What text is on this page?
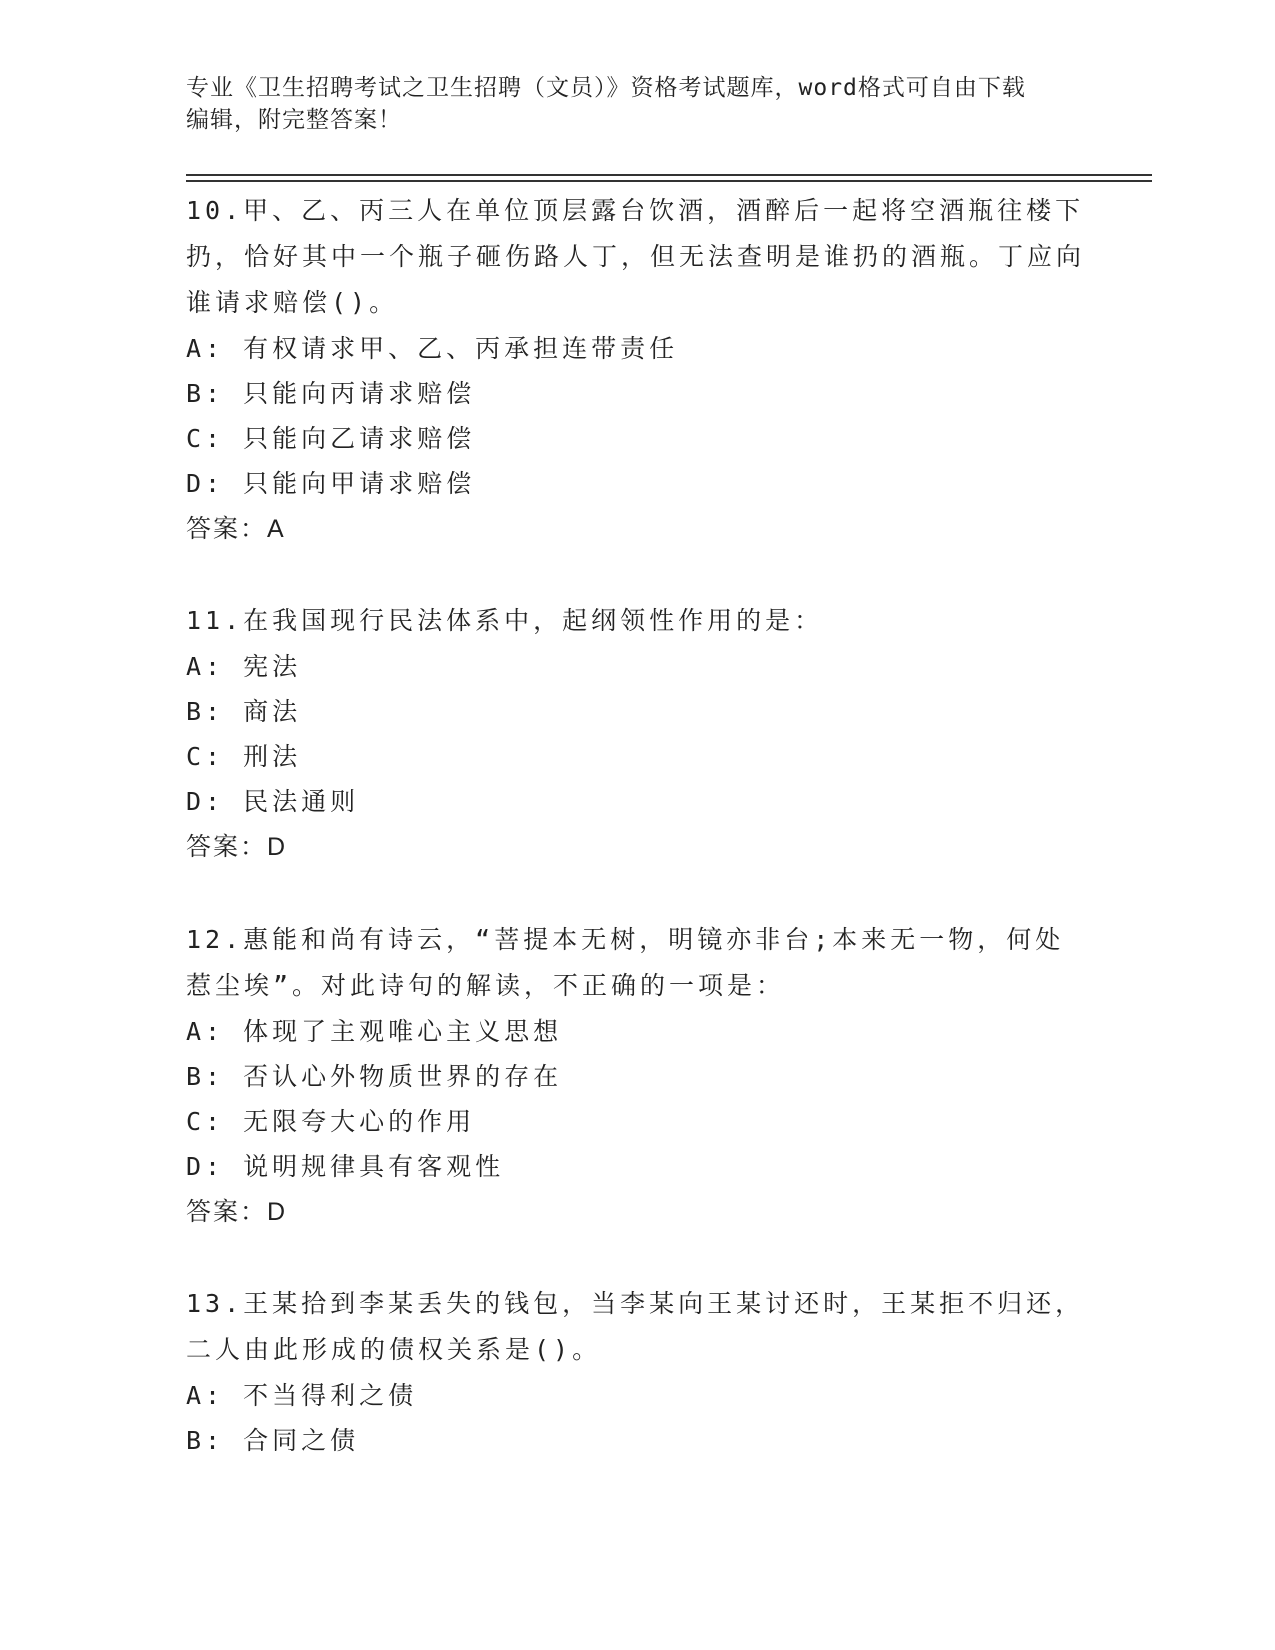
专业《卫生招聘考试之卫生招聘（文员）》资格考试题库，word格式可自由下载
编辑，附完整答案！

10.甲、乙、丙三人在单位顶层露台饮酒，酒醉后一起将空酒瓶往楼下扔，恰好其中一个瓶子砸伤路人丁，但无法查明是谁扔的酒瓶。丁应向谁请求赔偿()。

A: 有权请求甲、乙、丙承担连带责任

B: 只能向丙请求赔偿

C: 只能向乙请求赔偿

D: 只能向甲请求赔偿

答案：A

11.在我国现行民法体系中，起纲领性作用的是：

A: 宪法

B: 商法

C: 刑法

D: 民法通则

答案：D

12.惠能和尚有诗云，“菩提本无树，明镜亦非台;本来无一物，何处惹尘埃”。对此诗句的解读，不正确的一项是：

A: 体现了主观唯心主义思想

B: 否认心外物质世界的存在

C: 无限夸大心的作用

D: 说明规律具有客观性

答案：D

13.王某拾到李某丢失的钱包，当李某向王某讨还时，王某拒不归还，二人由此形成的债权关系是()。

A: 不当得利之债

B: 合同之债
